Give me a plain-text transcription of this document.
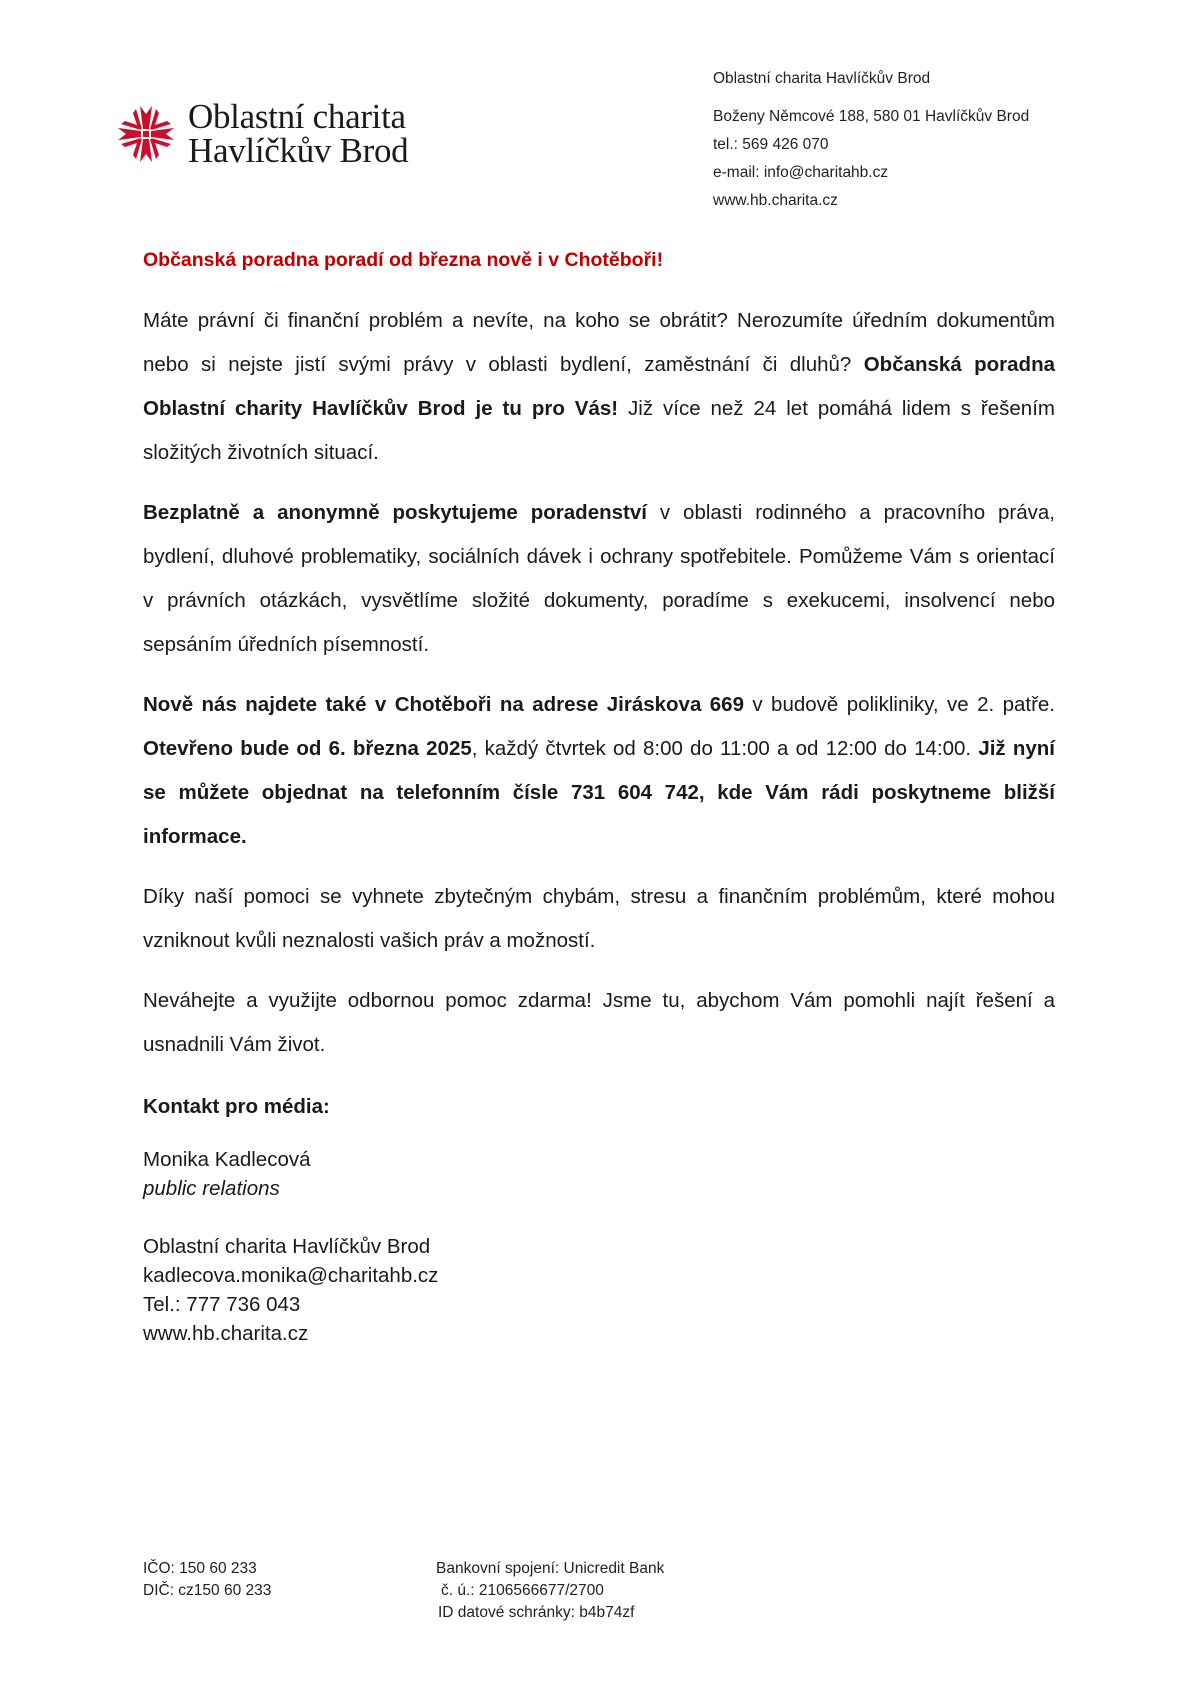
Oblastní charita
Havlíčkův Brod
Oblastní charita Havlíčkův Brod
Boženy Němcové 188, 580 01 Havlíčkův Brod
tel.: 569 426 070
e-mail: info@charitahb.cz
www.hb.charita.cz
Občanská poradna poradí od března nově i v Chotěboři!

Máte právní či finanční problém a nevíte, na koho se obrátit? Nerozumíte úředním dokumentům nebo si nejste jistí svými právy v oblasti bydlení, zaměstnání či dluhů? Občanská poradna Oblastní charity Havlíčkův Brod je tu pro Vás! Již více než 24 let pomáhá lidem s řešením složitých životních situací.

Bezplatně a anonymně poskytujeme poradenství v oblasti rodinného a pracovního práva, bydlení, dluhové problematiky, sociálních dávek i ochrany spotřebitele. Pomůžeme Vám s orientací v právních otázkách, vysvětlíme složité dokumenty, poradíme s exekucemi, insolvencí nebo sepsáním úředních písemností.

Nově nás najdete také v Chotěboři na adrese Jiráskova 669 v budově polikliniky, ve 2. patře. Otevřeno bude od 6. března 2025, každý čtvrtek od 8:00 do 11:00 a od 12:00 do 14:00. Již nyní se můžete objednat na telefonním čísle 731 604 742, kde Vám rádi poskytneme bližší informace.

Díky naší pomoci se vyhnete zbytečným chybám, stresu a finančním problémům, které mohou vzniknout kvůli neznalosti vašich práv a možností.

Neváhejte a využijte odbornou pomoc zdarma! Jsme tu, abychom Vám pomohli najít řešení a usnadnili Vám život.

Kontakt pro média:
Monika Kadlecová
public relations
Oblastní charita Havlíčkův Brod
kadlecova.monika@charitahb.cz
Tel.: 777 736 043
www.hb.charita.cz
IČO: 150 60 233
DIČ: cz150 60 233
Bankovní spojení: Unicredit Bank
č. ú.: 2106566677/2700
ID datové schránky: b4b74zf
